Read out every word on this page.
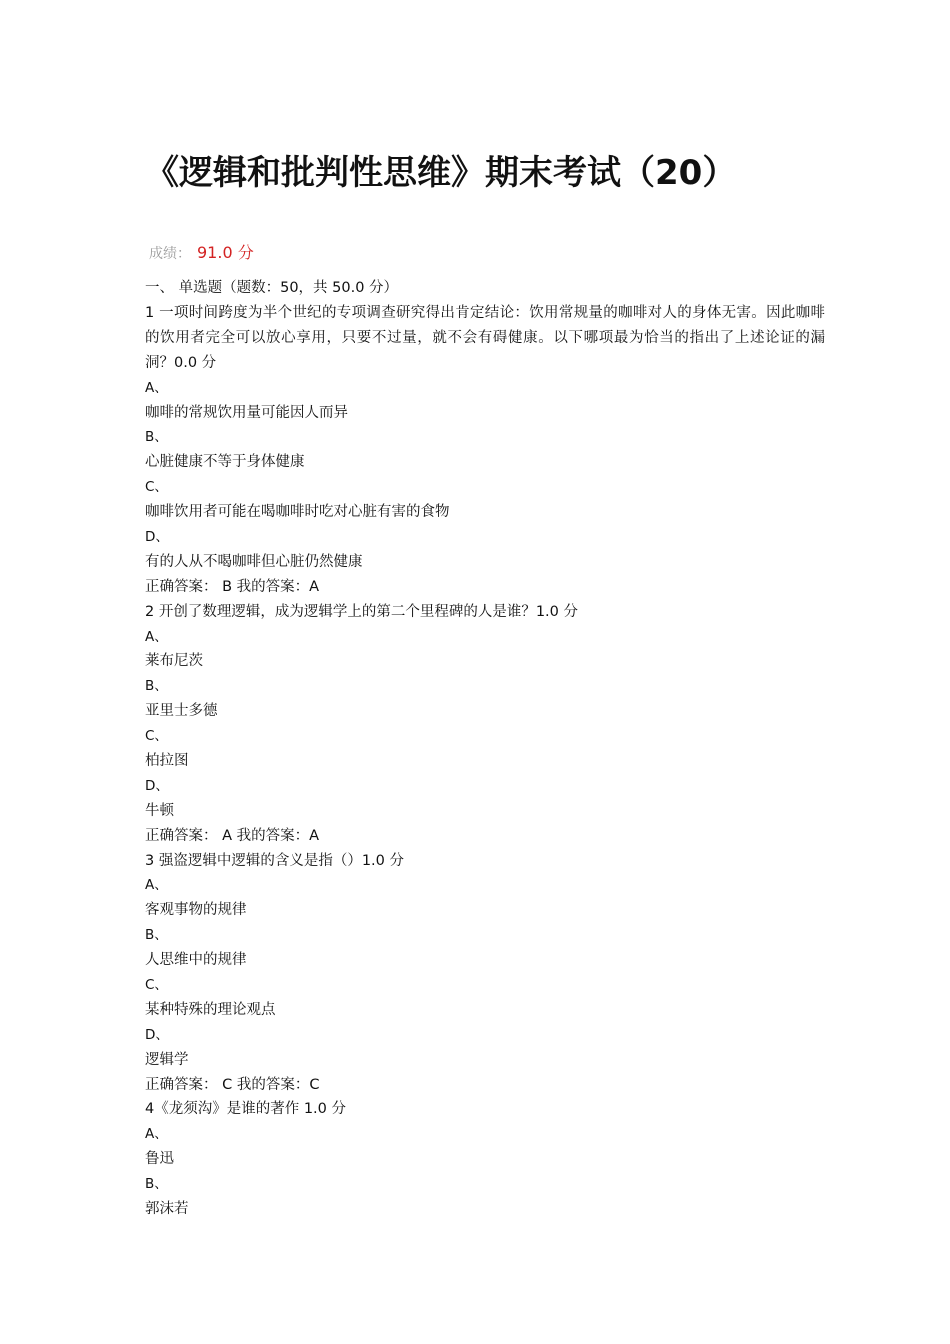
《逻辑和批判性思维》期末考试（20）
成绩： 91.0 分
一、 单选题（题数：50，共 50.0 分）
1 一项时间跨度为半个世纪的专项调查研究得出肯定结论：饮用常规量的咖啡对人的身体无害。因此咖啡的饮用者完全可以放心享用，只要不过量，就不会有碍健康。以下哪项最为恰当的指出了上述论证的漏洞？0.0 分
A、
咖啡的常规饮用量可能因人而异
B、
心脏健康不等于身体健康
C、
咖啡饮用者可能在喝咖啡时吃对心脏有害的食物
D、
有的人从不喝咖啡但心脏仍然健康
正确答案： B 我的答案：A
2 开创了数理逻辑，成为逻辑学上的第二个里程碑的人是谁？1.0 分
A、
莱布尼茨
B、
亚里士多德
C、
柏拉图
D、
牛顿
正确答案： A 我的答案：A
3 强盗逻辑中逻辑的含义是指（）1.0 分
A、
客观事物的规律
B、
人思维中的规律
C、
某种特殊的理论观点
D、
逻辑学
正确答案： C 我的答案：C
4《龙须沟》是谁的著作 1.0 分
A、
鲁迅
B、
郭沫若
